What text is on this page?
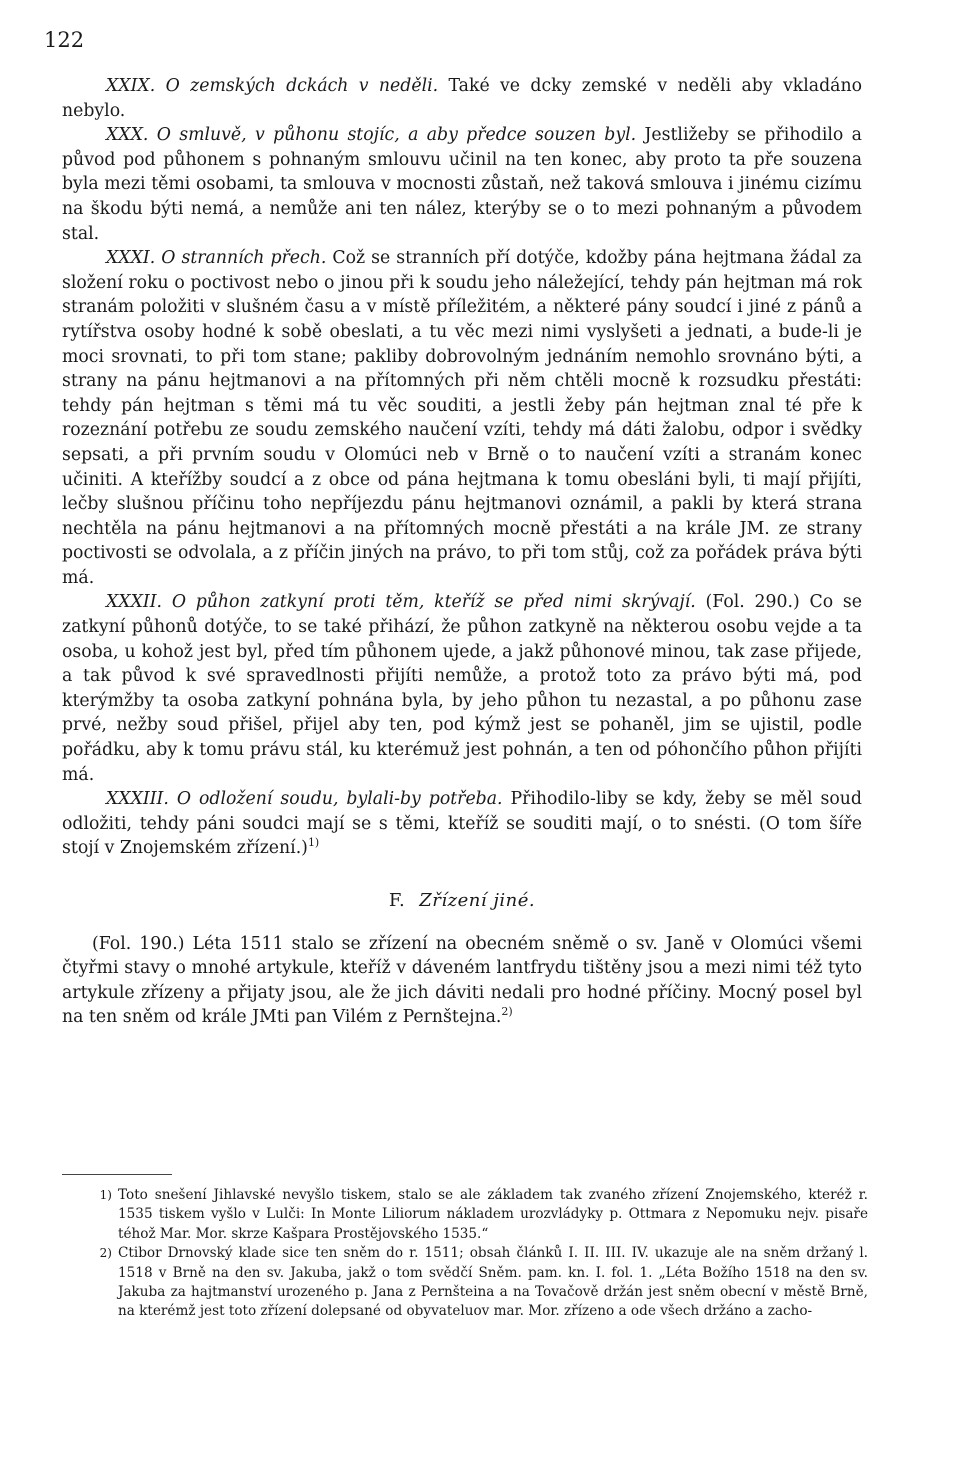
122

XXIX. O zemských dckách v neděli. Také ve dcky zemské v neděli aby vkladáno nebylo.

XXX. O smluvě, v půhonu stojíc, a aby předce souzen byl. Jestližeby se přihodilo a původ pod půhonem s pohnaným smlouvu učinil na ten konec, aby proto ta pře souzena byla mezi těmi osobami, ta smlouva v mocnosti zůstaň, než taková smlouva i jinému cizímu na škodu býti nemá, a nemůže ani ten nález, kterýby se o to mezi pohnaným a původem stal.

XXXI. O stranních přech. Což se stranních pří dotýče, kdožby pána hejtmana žádal za složení roku o poctivost nebo o jinou při k soudu jeho náležející, tehdy pán hejtman má rok stranám položiti v slušném času a v místě příležitém, a některé pány soudcí i jiné z pánů a rytířstva osoby hodné k sobě obeslati, a tu věc mezi nimi vyslyšeti a jednati, a bude-li je moci srovnati, to při tom stane; pakliby dobrovolným jednáním nemohlo srovnáno býti, a strany na pánu hejtmanovi a na přítomných při něm chtěli mocně k rozsudku přestáti: tehdy pán hejtman s těmi má tu věc souditi, a jestli žeby pán hejtman znal té pře k rozeznání potřebu ze soudu zemského naučení vzíti, tehdy má dáti žalobu, odpor i svědky sepsati, a při prvním soudu v Olomúci neb v Brně o to naučení vzíti a stranám konec učiniti. A kteřížby soudcí a z obce od pána hejtmana k tomu obesláni byli, ti mají přijíti, lečby slušnou příčinu toho nepříjezdu pánu hejtmanovi oznámil, a pakli by která strana nechtěla na pánu hejtmanovi a na přítomných mocně přestáti a na krále JM. ze strany poctivosti se odvolala, a z příčin jiných na právo, to při tom stůj, což za pořádek práva býti má.

XXXII. O půhon zatkyní proti těm, kteříž se před nimi skrývají. (Fol. 290.) Co se zatkyní půhonů dotýče, to se také přihází, že půhon zatkyně na některou osobu vejde a ta osoba, u kohož jest byl, před tím půhonem ujede, a jakž půhonové minou, tak zase přijede, a tak původ k své spravedlnosti přijíti nemůže, a protož toto za právo býti má, pod kterýmžby ta osoba zatkyní pohnána byla, by jeho půhon tu nezastal, a po půhonu zase prvé, nežby soud přišel, přijel aby ten, pod kýmž jest se pohaněl, jim se ujistil, podle pořádku, aby k tomu právu stál, ku kterémuž jest pohnán, a ten od póhončího půhon přijíti má.

XXXIII. O odložení soudu, bylali-by potřeba. Přihodilo-liby se kdy, žeby se měl soud odložiti, tehdy páni soudci mají se s těmi, kteříž se souditi mají, o to snésti. (O tom šíře stojí v Znojemském zřízení.)$^{1)}$

F. Zřízení jiné.

(Fol. 190.) Léta 1511 stalo se zřízení na obecném sněmě o sv. Janě v Olomúci všemi čtyřmi stavy o mnohé artykule, kteříž v dáveném lantfrydu tištěny jsou a mezi nimi též tyto artykule zřízeny a přijaty jsou, ale že jich dáviti nedali pro hodné příčiny. Mocný posel byl na ten sněm od krále JMti pan Vilém z Pernštejna.$^{2)}$

1) Toto snešení Jihlavské nevyšlo tiskem, stalo se ale základem tak zvaného zřízení Znojemského, kteréž r. 1535 tiskem vyšlo v Lulči: In Monte Liliorum nákladem urozvládyky p. Ottmara z Nepomuku nejv. pisaře téhož Mar. Mor. skrze Kašpara Prostějovského 1535.“
2) Ctibor Drnovský klade sice ten sněm do r. 1511; obsah článků I. II. III. IV. ukazuje ale na sněm držaný l. 1518 v Brně na den sv. Jakuba, jakž o tom svědčí Sněm. pam. kn. I. fol. 1. „Léta Božího 1518 na den sv. Jakuba za hajtmanství urozeného p. Jana z Pernšteina a na Tovačově držán jest sněm obecní v městě Brně, na kterémž jest toto zřízení dolepsané od obyvateluov mar. Mor. zřízeno a ode všech držáno a zacho-
